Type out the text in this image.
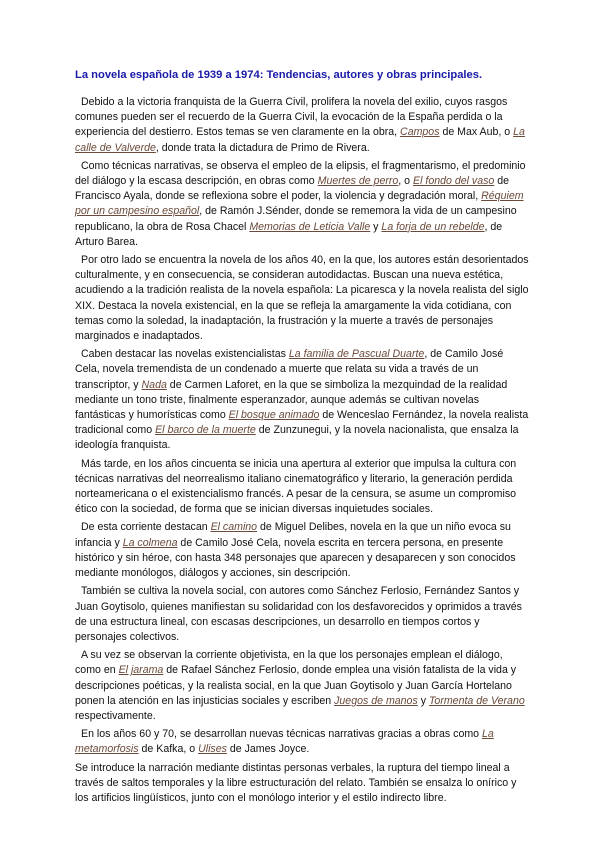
La novela española de 1939 a 1974: Tendencias, autores y obras principales.

Debido a la victoria franquista de la Guerra Civil, prolifera la novela del exilio, cuyos rasgos comunes pueden ser el recuerdo de la Guerra Civil, la evocación de la España perdida o la experiencia del destierro. Estos temas se ven claramente en la obra, Campos de Max Aub, o La calle de Valverde, donde trata la dictadura de Primo de Rivera.

Como técnicas narrativas, se observa el empleo de la elipsis, el fragmentarismo, el predominio del diálogo y la escasa descripción, en obras como Muertes de perro, o El fondo del vaso de Francisco Ayala, donde se reflexiona sobre el poder, la violencia y degradación moral, Réquiem por un campesino español, de Ramón J.Sénder, donde se rememora la vida de un campesino republicano, la obra de Rosa Chacel Memorias de Leticia Valle y La forja de un rebelde, de Arturo Barea.

Por otro lado se encuentra la novela de los años 40, en la que, los autores están desorientados culturalmente, y en consecuencia, se consideran autodidactas. Buscan una nueva estética, acudiendo a la tradición realista de la novela española: La picaresca y la novela realista del siglo XIX. Destaca la novela existencial, en la que se refleja la amargamente la vida cotidiana, con temas como la soledad, la inadaptación, la frustración y la muerte a través de personajes marginados e inadaptados.

Caben destacar las novelas existencialistas La familia de Pascual Duarte, de Camilo José Cela, novela tremendista de un condenado a muerte que relata su vida a través de un transcriptor, y Nada de Carmen Laforet, en la que se simboliza la mezquindad de la realidad mediante un tono triste, finalmente esperanzador, aunque además se cultivan novelas fantásticas y humorísticas como El bosque animado de Wenceslao Fernández, la novela realista tradicional como El barco de la muerte de Zunzunegui, y la novela nacionalista, que ensalza la ideología franquista.

Más tarde, en los años cincuenta se inicia una apertura al exterior que impulsa la cultura con técnicas narrativas del neorrealismo italiano cinematográfico y literario, la generación perdida norteamericana o el existencialismo francés. A pesar de la censura, se asume un compromiso ético con la sociedad, de forma que se inician diversas inquietudes sociales.

De esta corriente destacan El camino de Miguel Delibes, novela en la que un niño evoca su infancia y La colmena de Camilo José Cela, novela escrita en tercera persona, en presente histórico y sin héroe, con hasta 348 personajes que aparecen y desaparecen y son conocidos mediante monólogos, diálogos y acciones, sin descripción.

También se cultiva la novela social, con autores como Sánchez Ferlosio, Fernández Santos y Juan Goytisolo, quienes manifiestan su solidaridad con los desfavorecidos y oprimidos a través de una estructura lineal, con escasas descripciones, un desarrollo en tiempos cortos y personajes colectivos.

A su vez se observan la corriente objetivista, en la que los personajes emplean el diálogo, como en El jarama de Rafael Sánchez Ferlosio, donde emplea una visión fatalista de la vida y descripciones poéticas, y la realista social, en la que Juan Goytisolo y Juan García Hortelano ponen la atención en las injusticias sociales y escriben Juegos de manos y Tormenta de Verano respectivamente.

En los años 60 y 70, se desarrollan nuevas técnicas narrativas gracias a obras como La metamorfosis de Kafka, o Ulises de James Joyce.

Se introduce la narración mediante distintas personas verbales, la ruptura del tiempo lineal a través de saltos temporales y la libre estructuración del relato. También se ensalza lo onírico y los artificios lingüísticos, junto con el monólogo interior y el estilo indirecto libre.
